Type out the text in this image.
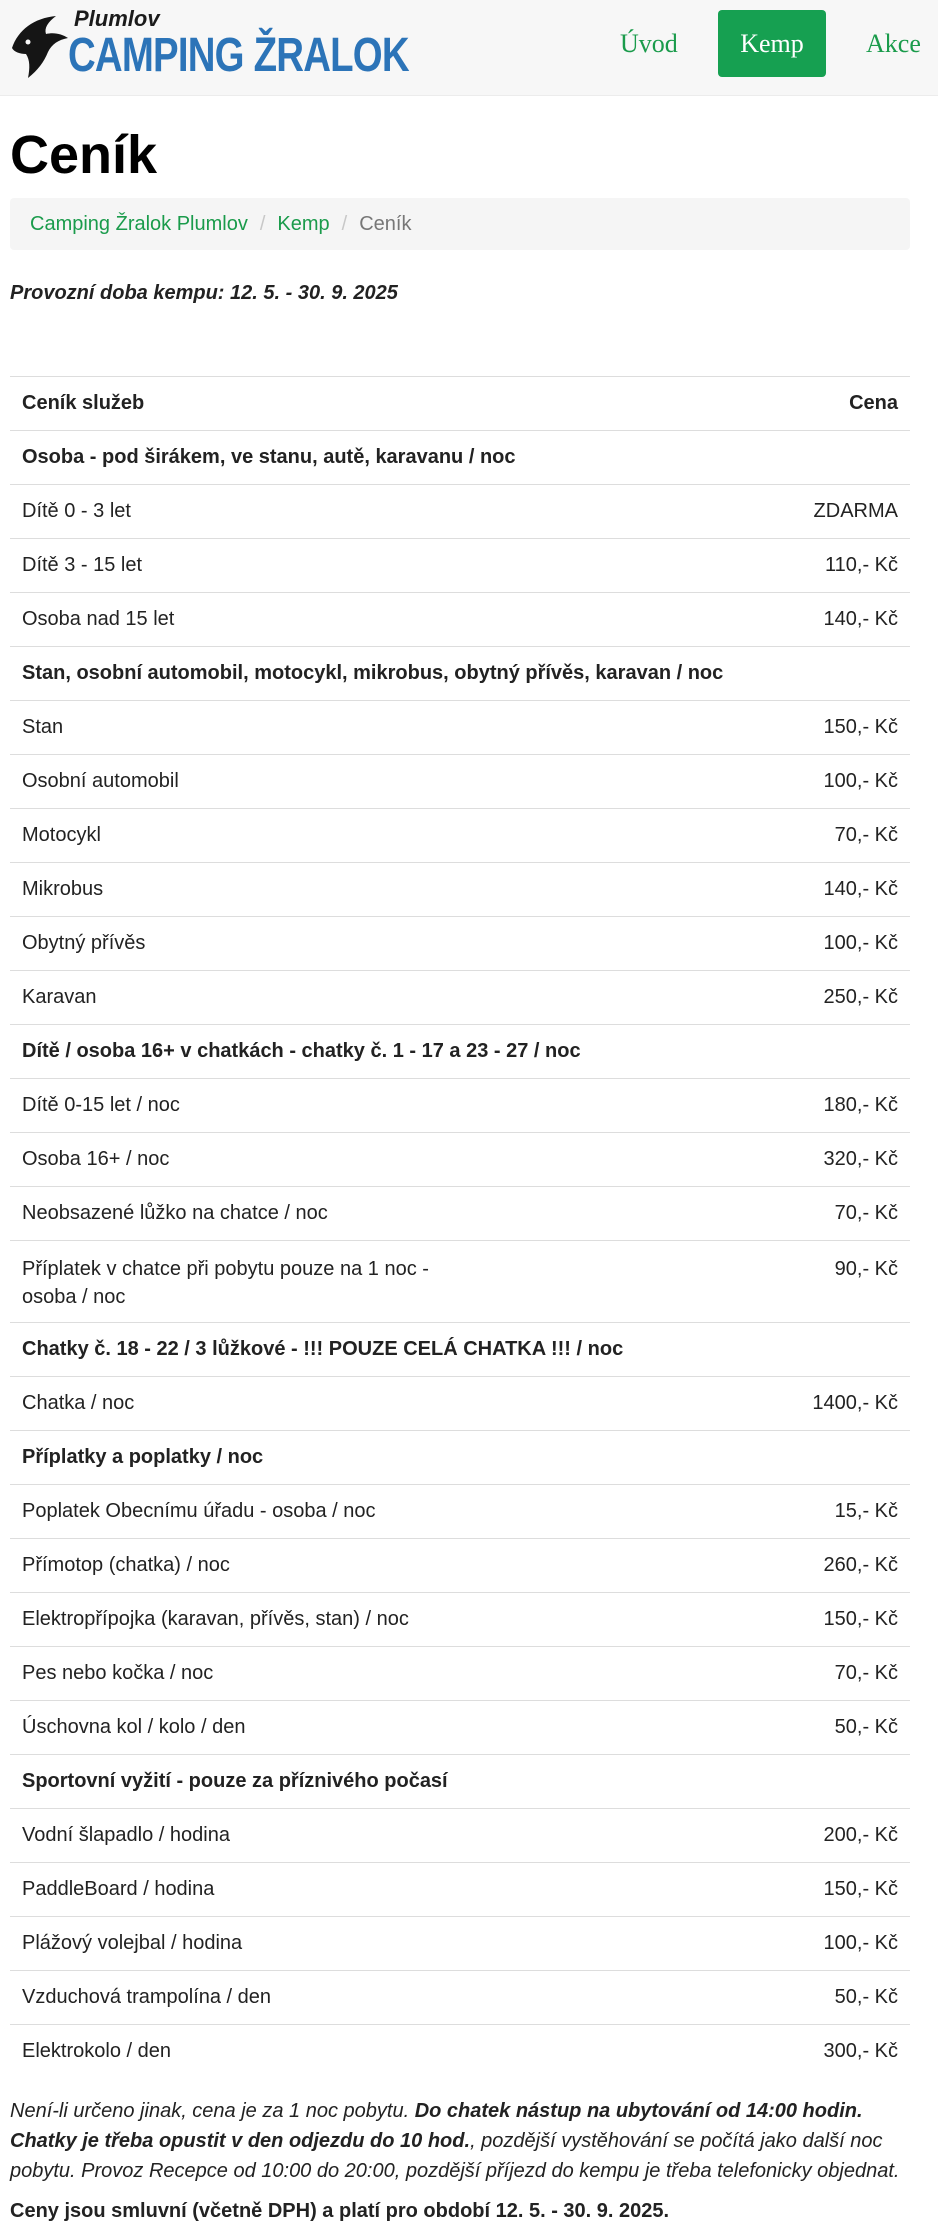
Plumlov
CAMPING ŽRALOK	Úvod	Kemp	Akce
Ceník
Camping Žralok Plumlov / Kemp / Ceník

Provozní doba kempu: 12. 5. - 30. 9. 2025

Ceník služeb	Cena
Osoba - pod širákem, ve stanu, autě, karavanu / noc	
Dítě 0 - 3 let	ZDARMA
Dítě 3 - 15 let	110,- Kč
Osoba nad 15 let	140,- Kč
Stan, osobní automobil, motocykl, mikrobus, obytný přívěs, karavan / noc	
Stan	150,- Kč
Osobní automobil	100,- Kč
Motocykl	70,- Kč
Mikrobus	140,- Kč
Obytný přívěs	100,- Kč
Karavan	250,- Kč
Dítě / osoba 16+ v chatkách - chatky č. 1 - 17 a 23 - 27 / noc	
Dítě 0-15 let / noc	180,- Kč
Osoba 16+ / noc	320,- Kč
Neobsazené lůžko na chatce / noc	70,- Kč
Příplatek v chatce při pobytu pouze na 1 noc - osoba / noc	90,- Kč
Chatky č. 18 - 22 / 3 lůžkové - !!! POUZE CELÁ CHATKA !!! / noc	
Chatka / noc	1400,- Kč
Příplatky a poplatky / noc	
Poplatek Obecnímu úřadu - osoba / noc	15,- Kč
Přímotop (chatka) / noc	260,- Kč
Elektropřípojka (karavan, přívěs, stan) / noc	150,- Kč
Pes nebo kočka / noc	70,- Kč
Úschovna kol / kolo / den	50,- Kč
Sportovní vyžití - pouze za příznivého počasí	
Vodní šlapadlo / hodina	200,- Kč
PaddleBoard / hodina	150,- Kč
Plážový volejbal / hodina	100,- Kč
Vzduchová trampolína / den	50,- Kč
Elektrokolo / den	300,- Kč

Není-li určeno jinak, cena je za 1 noc pobytu. Do chatek nástup na ubytování od 14:00 hodin. Chatky je třeba opustit v den odjezdu do 10 hod., pozdější vystěhování se počítá jako další noc pobytu. Provoz Recepce od 10:00 do 20:00, pozdější příjezd do kempu je třeba telefonicky objednat.

Ceny jsou smluvní (včetně DPH) a platí pro období 12. 5. - 30. 9. 2025.
